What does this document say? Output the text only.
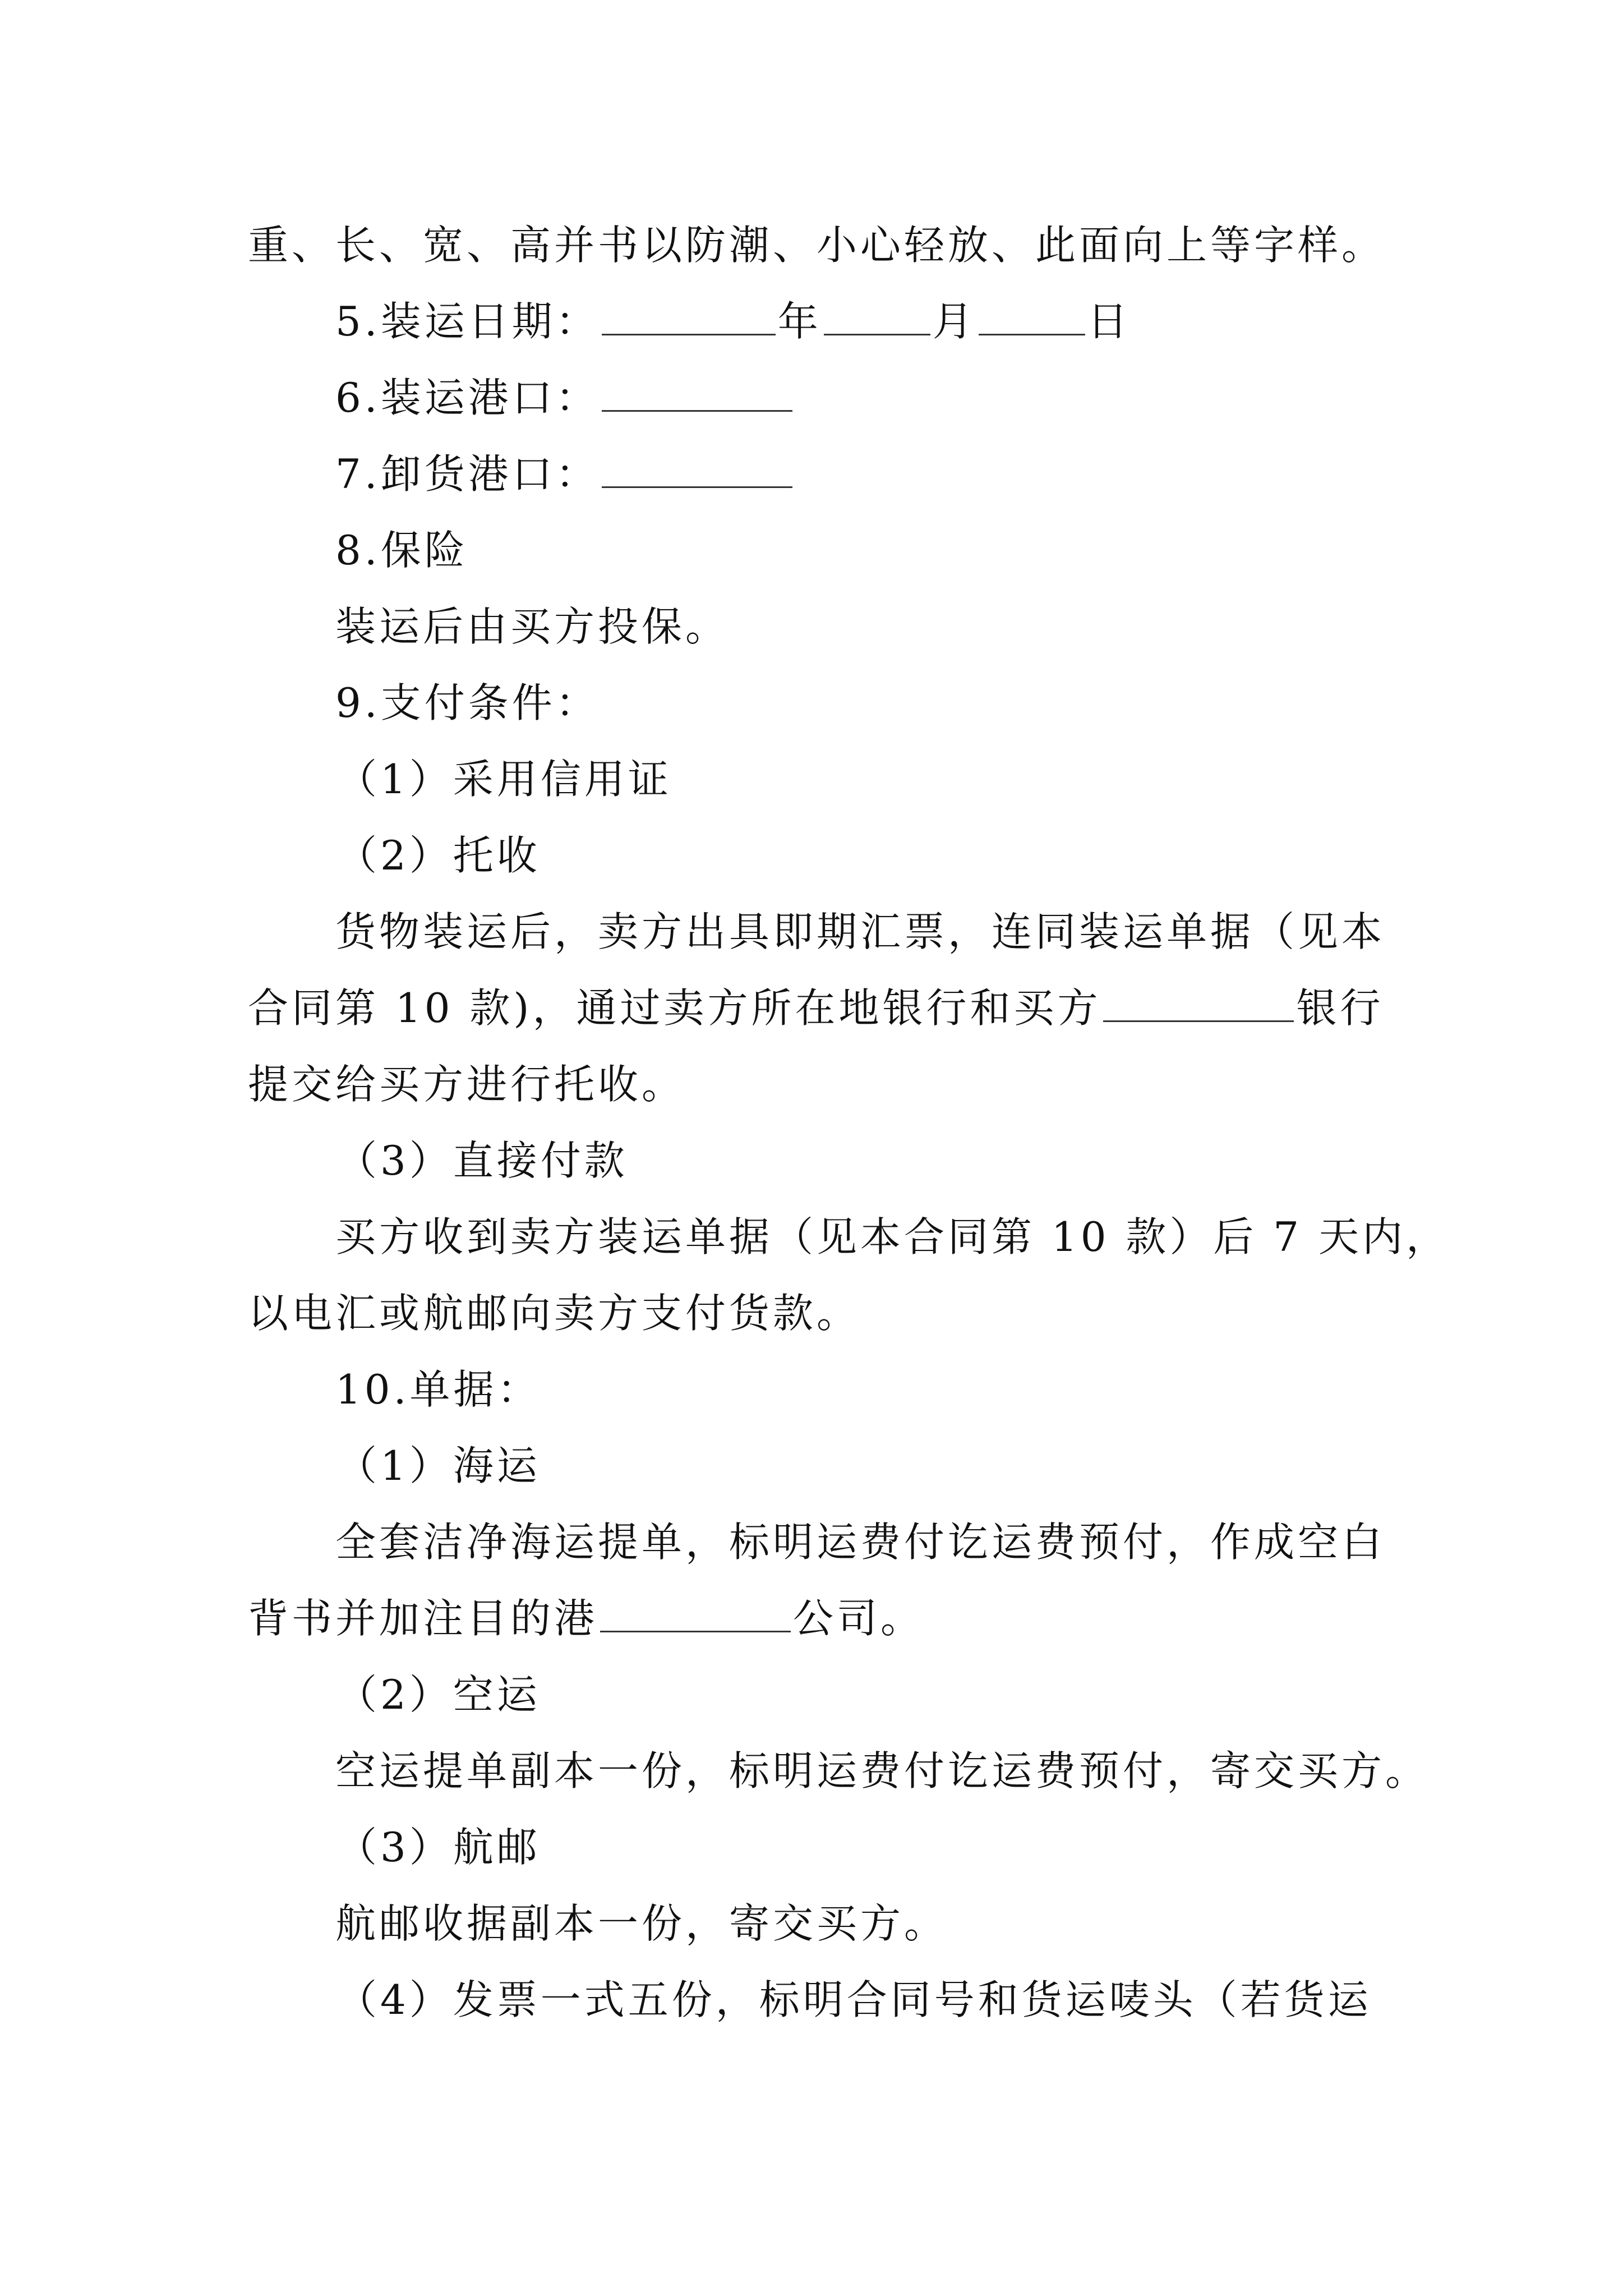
重、长、宽、高并书以防潮、小心轻放、此面向上等字样。
5.装运日期：	年	月	日
6.装运港口：
7.卸货港口：
8.保险
装运后由买方投保。
9.支付条件：
（1）采用信用证
（2）托收
货物装运后，卖方出具即期汇票，连同装运单据（见本
合同第 10 款)，通过卖方所在地银行和买方	银行
提交给买方进行托收。
（3）直接付款
买方收到卖方装运单据（见本合同第 10 款）后 7 天内，
以电汇或航邮向卖方支付货款。
10.单据：
（1）海运
全套洁净海运提单，标明运费付讫运费预付，作成空白
背书并加注目的港	公司。
（2）空运
空运提单副本一份，标明运费付讫运费预付，寄交买方。
（3）航邮
航邮收据副本一份，寄交买方。
（4）发票一式五份，标明合同号和货运唛头（若货运
